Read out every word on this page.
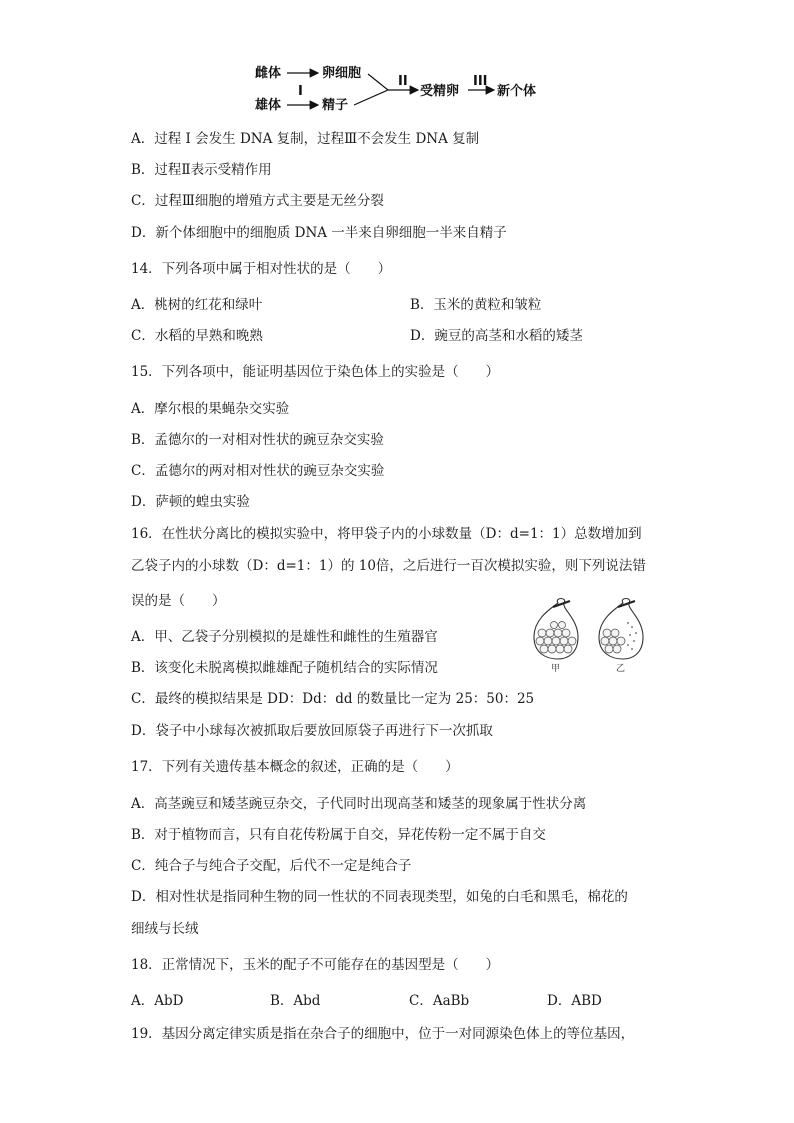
雌体	卵细胞
I
雄体	精子
II
受精卵
III
新个体
A．过程 I 会发生 DNA 复制，过程Ⅲ不会发生 DNA 复制
B．过程Ⅱ表示受精作用
C．过程Ⅲ细胞的增殖方式主要是无丝分裂
D．新个体细胞中的细胞质 DNA 一半来自卵细胞一半来自精子
14．下列各项中属于相对性状的是（　　）
A．桃树的红花和绿叶	B．玉米的黄粒和皱粒
C．水稻的早熟和晚熟	D．豌豆的高茎和水稻的矮茎
15．下列各项中，能证明基因位于染色体上的实验是（　　）
A．摩尔根的果蝇杂交实验
B．孟德尔的一对相对性状的豌豆杂交实验
C．孟德尔的两对相对性状的豌豆杂交实验
D．萨顿的蝗虫实验
16．在性状分离比的模拟实验中，将甲袋子内的小球数量（D：d=1：1）总数增加到
乙袋子内的小球数（D：d=1：1）的 10倍，之后进行一百次模拟实验，则下列说法错
误的是（　　）
A．甲、乙袋子分别模拟的是雄性和雌性的生殖器官
B．该变化未脱离模拟雌雄配子随机结合的实际情况
C．最终的模拟结果是 DD：Dd：dd 的数量比一定为 25：50：25
D．袋子中小球每次被抓取后要放回原袋子再进行下一次抓取
甲	乙
17．下列有关遗传基本概念的叙述，正确的是（　　）
A．高茎豌豆和矮茎豌豆杂交，子代同时出现高茎和矮茎的现象属于性状分离
B．对于植物而言，只有自花传粉属于自交，异花传粉一定不属于自交
C．纯合子与纯合子交配，后代不一定是纯合子
D．相对性状是指同种生物的同一性状的不同表现类型，如兔的白毛和黑毛，棉花的
细绒与长绒
18．正常情况下，玉米的配子不可能存在的基因型是（　　）
A．AbD	B．Abd	C．AaBb	D．ABD
19．基因分离定律实质是指在杂合子的细胞中，位于一对同源染色体上的等位基因，
